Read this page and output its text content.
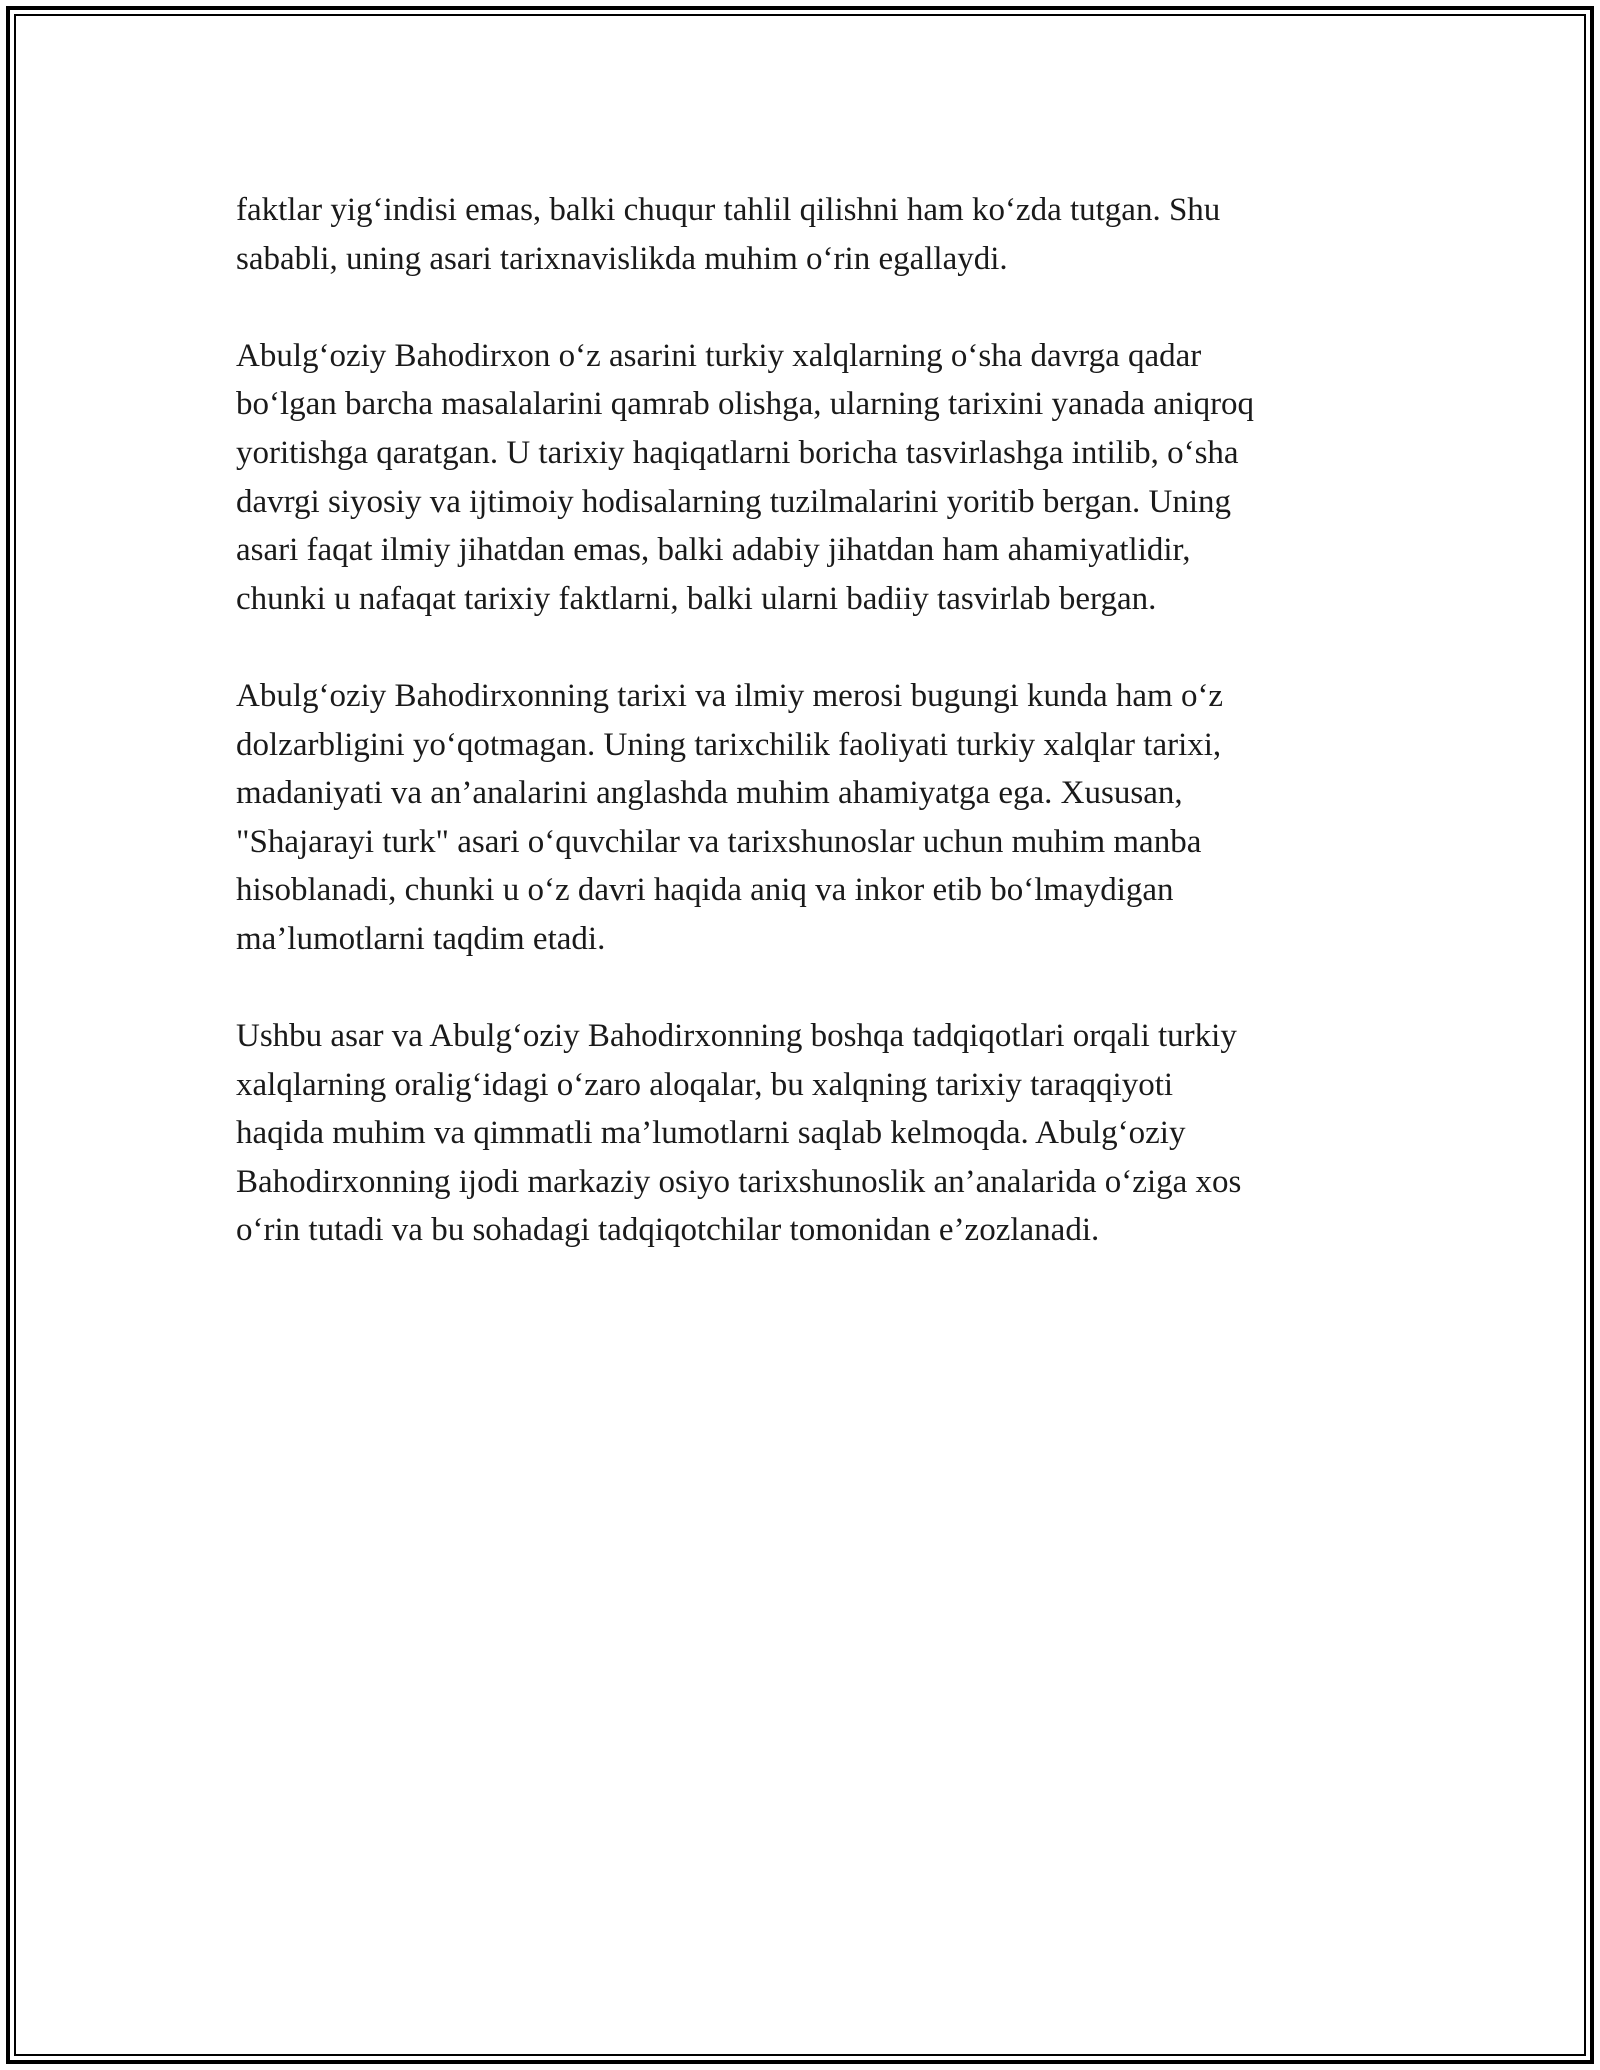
faktlar yig‘indisi emas, balki chuqur tahlil qilishni ham ko‘zda tutgan. Shu
sababli, uning asari tarixnavislikda muhim o‘rin egallaydi.

Abulg‘oziy Bahodirxon o‘z asarini turkiy xalqlarning o‘sha davrga qadar
bo‘lgan barcha masalalarini qamrab olishga, ularning tarixini yanada aniqroq
yoritishga qaratgan. U tarixiy haqiqatlarni boricha tasvirlashga intilib, o‘sha
davrgi siyosiy va ijtimoiy hodisalarning tuzilmalarini yoritib bergan. Uning
asari faqat ilmiy jihatdan emas, balki adabiy jihatdan ham ahamiyatlidir,
chunki u nafaqat tarixiy faktlarni, balki ularni badiiy tasvirlab bergan.

Abulg‘oziy Bahodirxonning tarixi va ilmiy merosi bugungi kunda ham o‘z
dolzarbligini yo‘qotmagan. Uning tarixchilik faoliyati turkiy xalqlar tarixi,
madaniyati va an’analarini anglashda muhim ahamiyatga ega. Xususan,
"Shajarayi turk" asari o‘quvchilar va tarixshunoslar uchun muhim manba
hisoblanadi, chunki u o‘z davri haqida aniq va inkor etib bo‘lmaydigan
ma’lumotlarni taqdim etadi.

Ushbu asar va Abulg‘oziy Bahodirxonning boshqa tadqiqotlari orqali turkiy
xalqlarning oralig‘idagi o‘zaro aloqalar, bu xalqning tarixiy taraqqiyoti
haqida muhim va qimmatli ma’lumotlarni saqlab kelmoqda. Abulg‘oziy
Bahodirxonning ijodi markaziy osiyo tarixshunoslik an’analarida o‘ziga xos
o‘rin tutadi va bu sohadagi tadqiqotchilar tomonidan e’zozlanadi.
